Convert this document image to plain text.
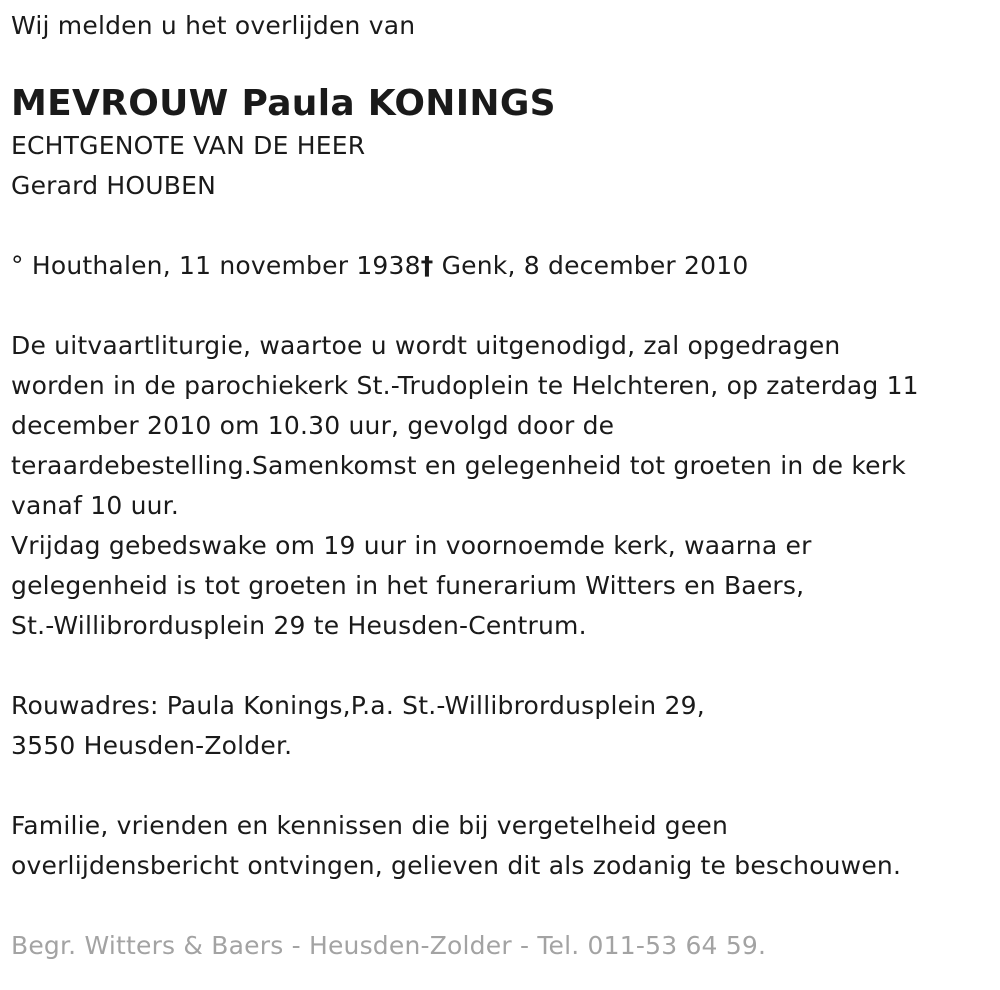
Wij melden u het overlijden van
MEVROUW Paula KONINGS
ECHTGENOTE VAN DE HEER
Gerard HOUBEN
° Houthalen, 11 november 1938† Genk, 8 december 2010
De uitvaartliturgie, waartoe u wordt uitgenodigd, zal opgedragen
worden in de parochiekerk St.-Trudoplein te Helchteren, op zaterdag 11
december 2010 om 10.30 uur, gevolgd door de
teraardebestelling.Samenkomst en gelegenheid tot groeten in de kerk
vanaf 10 uur.
Vrijdag gebedswake om 19 uur in voornoemde kerk, waarna er
gelegenheid is tot groeten in het funerarium Witters en Baers,
St.-Willibrordusplein 29 te Heusden-Centrum.
Rouwadres: Paula Konings,P.a. St.-Willibrordusplein 29,
3550 Heusden-Zolder.
Familie, vrienden en kennissen die bij vergetelheid geen
overlijdensbericht ontvingen, gelieven dit als zodanig te beschouwen.
Begr. Witters & Baers - Heusden-Zolder - Tel. 011-53 64 59.
